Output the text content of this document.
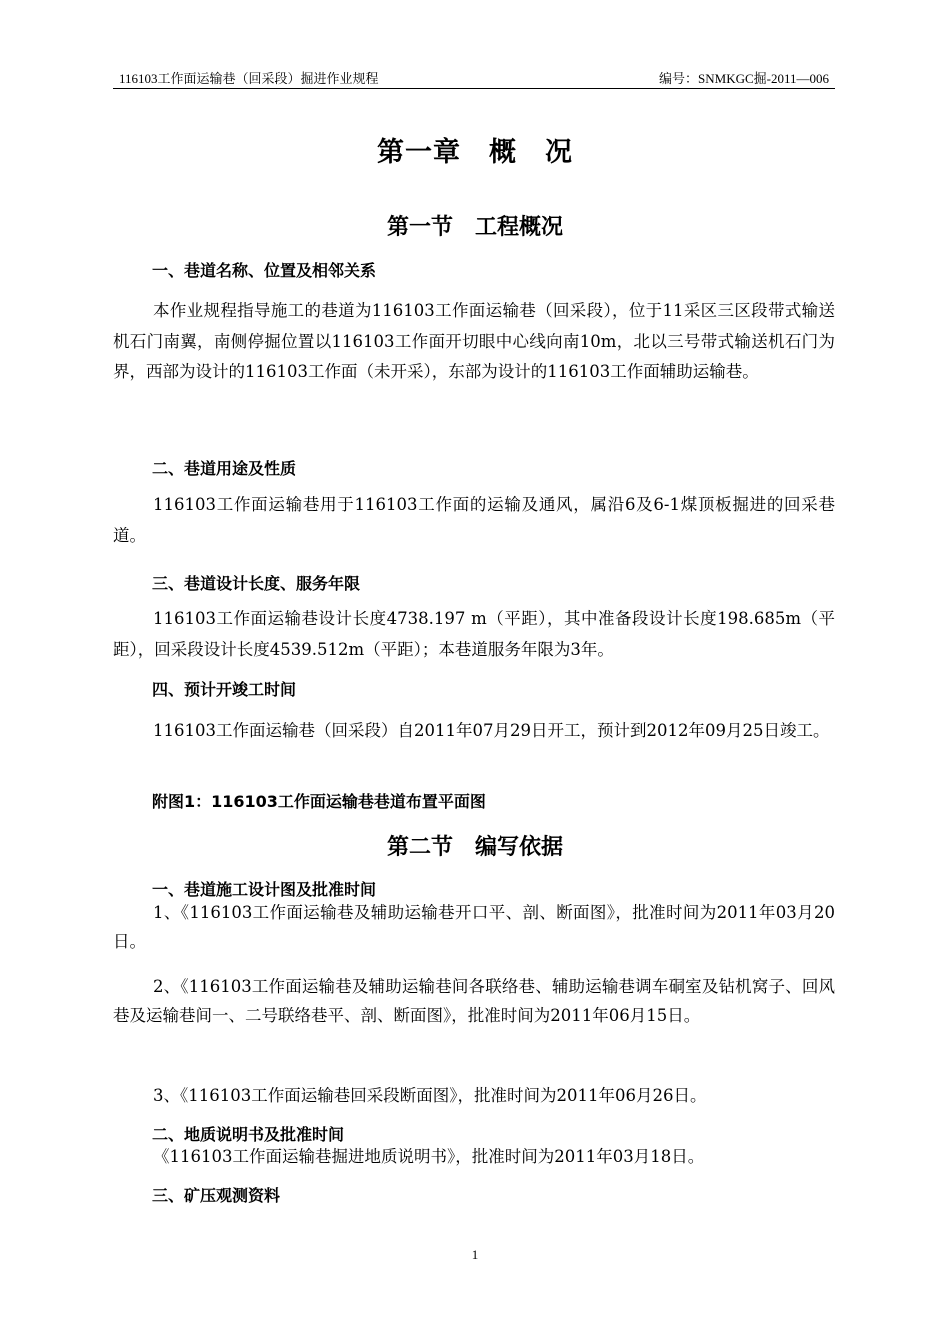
116103工作面运输巷（回采段）掘进作业规程	编号：SNMKGC掘-2011—006
第一章　概　况
第一节　工程概况
一、巷道名称、位置及相邻关系
本作业规程指导施工的巷道为116103工作面运输巷（回采段），位于11采区三区段带式输送机石门南翼，南侧停掘位置以116103工作面开切眼中心线向南10m，北以三号带式输送机石门为界，西部为设计的116103工作面（未开采），东部为设计的116103工作面辅助运输巷。
二、巷道用途及性质
116103工作面运输巷用于116103工作面的运输及通风，属沿6及6-1煤顶板掘进的回采巷道。
三、巷道设计长度、服务年限
116103工作面运输巷设计长度4738.197 m（平距），其中准备段设计长度198.685m（平距），回采段设计长度4539.512m（平距）；本巷道服务年限为3年。
四、预计开竣工时间
116103工作面运输巷（回采段）自2011年07月29日开工，预计到2012年09月25日竣工。
附图1：116103工作面运输巷巷道布置平面图
第二节　编写依据
一、巷道施工设计图及批准时间
1、《116103工作面运输巷及辅助运输巷开口平、剖、断面图》，批准时间为2011年03月20日。
2、《116103工作面运输巷及辅助运输巷间各联络巷、辅助运输巷调车硐室及钻机窝子、回风巷及运输巷间一、二号联络巷平、剖、断面图》，批准时间为2011年06月15日。
3、《116103工作面运输巷回采段断面图》，批准时间为2011年06月26日。
二、地质说明书及批准时间
《116103工作面运输巷掘进地质说明书》，批准时间为2011年03月18日。
三、矿压观测资料
1
